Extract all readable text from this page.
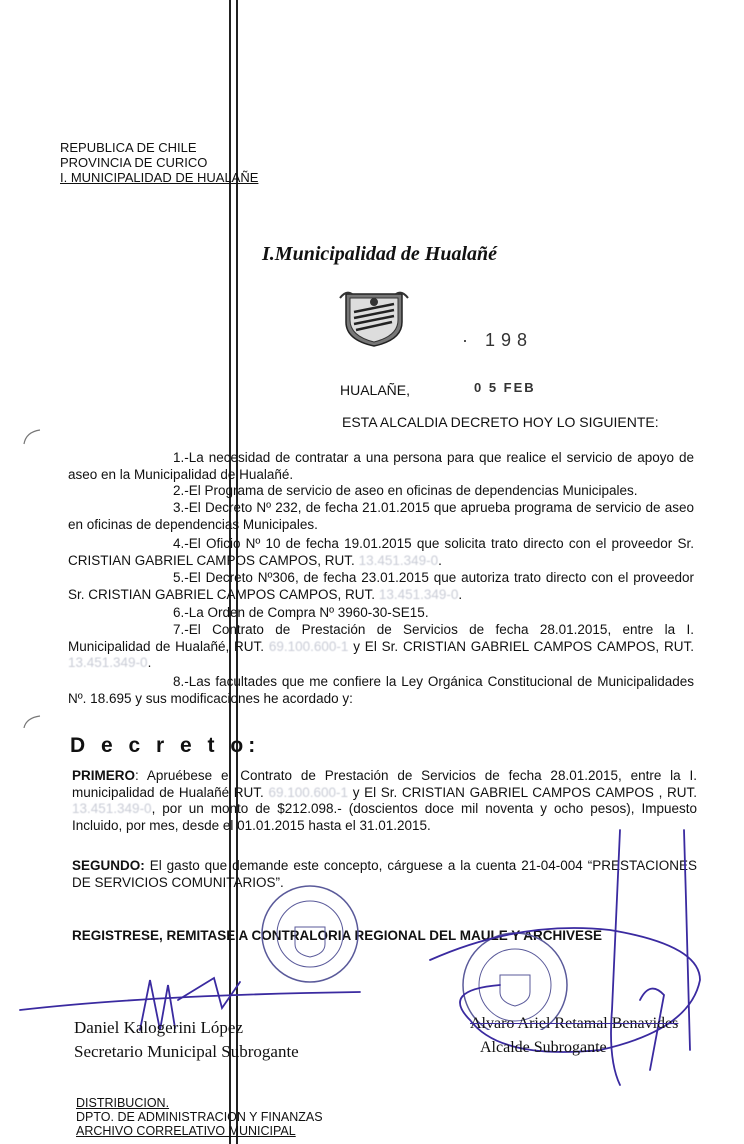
REPUBLICA DE CHILE
PROVINCIA DE CURICO
I. MUNICIPALIDAD DE HUALAÑE
I.Municipalidad de Hualañé
· 198
HUALAÑE,	0 5 FEB
ESTA ALCALDIA DECRETO HOY LO SIGUIENTE:
1.-La necesidad de contratar a una persona para que realice el servicio de apoyo de aseo en la Municipalidad de Hualañé.
2.-El Programa de servicio de aseo en oficinas de dependencias Municipales.
3.-El Decreto Nº 232, de fecha 21.01.2015 que aprueba programa de servicio de aseo en oficinas de dependencias Municipales.
4.-El Oficio Nº 10 de fecha 19.01.2015 que solicita trato directo con el proveedor Sr. CRISTIAN GABRIEL CAMPOS CAMPOS, RUT. 13.451.349-0.
5.-El Decreto Nº306, de fecha 23.01.2015 que autoriza trato directo con el proveedor Sr. CRISTIAN GABRIEL CAMPOS CAMPOS, RUT. 13.451.349-0.
6.-La Orden de Compra Nº 3960-30-SE15.
7.-El Contrato de Prestación de Servicios de fecha 28.01.2015, entre la I. Municipalidad de Hualañé, RUT. 69.100.600-1 y El Sr. CRISTIAN GABRIEL CAMPOS CAMPOS, RUT. 13.451.349-0.
8.-Las facultades que me confiere la Ley Orgánica Constitucional de Municipalidades Nº. 18.695 y sus modificaciones he acordado y:
D e c r e t o:
PRIMERO: Apruébese el Contrato de Prestación de Servicios de fecha 28.01.2015, entre la I. municipalidad de Hualañé RUT. 69.100.600-1 y El Sr. CRISTIAN GABRIEL CAMPOS CAMPOS , RUT. 13.451.349-0, por un monto de $212.098.- (doscientos doce mil noventa y ocho pesos), Impuesto Incluido, por mes, desde el 01.01.2015 hasta el 31.01.2015.
SEGUNDO: El gasto que demande este concepto, cárguese a la cuenta 21-04-004 “PRESTACIONES DE SERVICIOS COMUNITARIOS”.
REGISTRESE, REMITASE A CONTRALORIA REGIONAL DEL MAULE Y ARCHIVESE
Daniel Kalogerini López
Secretario Municipal Subrogante
Alvaro Ariel Retamal Benavides
Alcalde Subrogante
DISTRIBUCION.
DPTO. DE ADMINISTRACION Y FINANZAS
ARCHIVO CORRELATIVO MUNICIPAL
